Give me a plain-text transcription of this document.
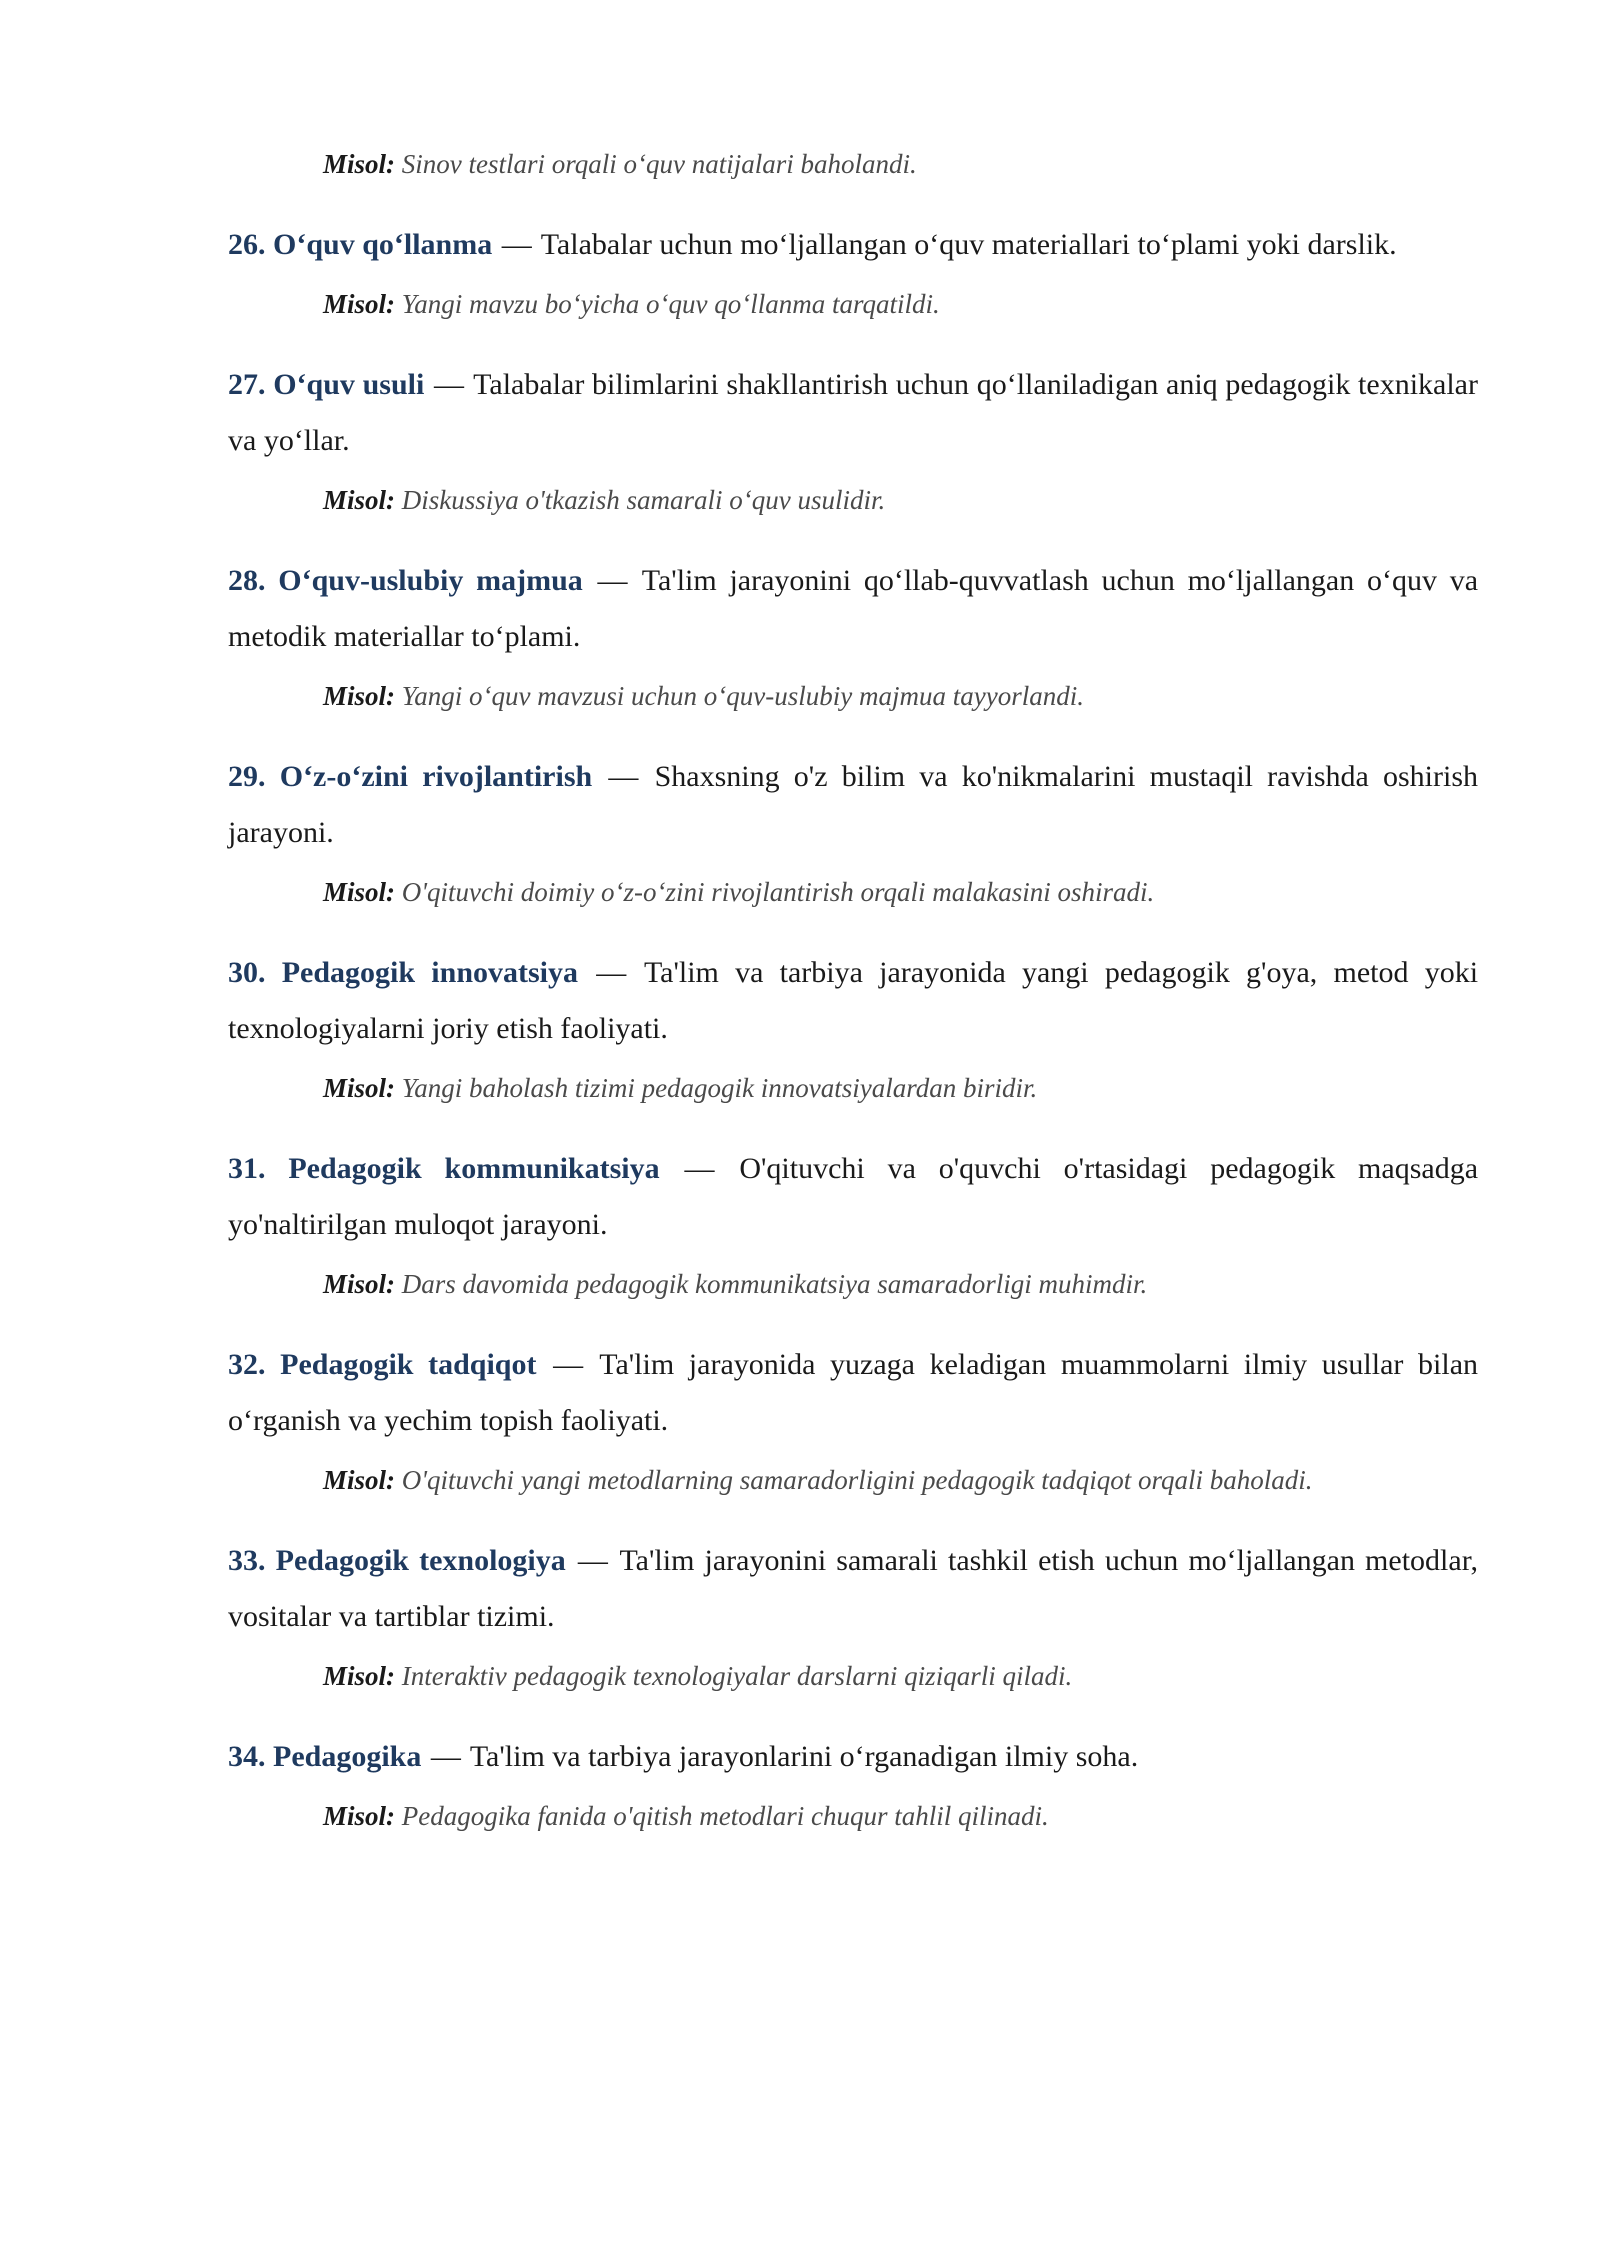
Misol: Sinov testlari orqali o‘quv natijalari baholandi.
26. O‘quv qo‘llanma — Talabalar uchun mo‘ljallangan o‘quv materiallari to‘plami yoki darslik.
Misol: Yangi mavzu bo‘yicha o‘quv qo‘llanma tarqatildi.
27. O‘quv usuli — Talabalar bilimlarini shakllantirish uchun qo‘llaniladigan aniq pedagogik texnikalar va yo‘llar.
Misol: Diskussiya o'tkazish samarali o‘quv usulidir.
28. O‘quv-uslubiy majmua — Ta'lim jarayonini qo‘llab-quvvatlash uchun mo‘ljallangan o‘quv va metodik materiallar to‘plami.
Misol: Yangi o‘quv mavzusi uchun o‘quv-uslubiy majmua tayyorlandi.
29. O‘z-o‘zini rivojlantirish — Shaxsning o'z bilim va ko'nikmalarini mustaqil ravishda oshirish jarayoni.
Misol: O'qituvchi doimiy o‘z-o‘zini rivojlantirish orqali malakasini oshiradi.
30. Pedagogik innovatsiya — Ta'lim va tarbiya jarayonida yangi pedagogik g'oya, metod yoki texnologiyalarni joriy etish faoliyati.
Misol: Yangi baholash tizimi pedagogik innovatsiyalardan biridir.
31. Pedagogik kommunikatsiya — O'qituvchi va o'quvchi o'rtasidagi pedagogik maqsadga yo'naltirilgan muloqot jarayoni.
Misol: Dars davomida pedagogik kommunikatsiya samaradorligi muhimdir.
32. Pedagogik tadqiqot — Ta'lim jarayonida yuzaga keladigan muammolarni ilmiy usullar bilan o‘rganish va yechim topish faoliyati.
Misol: O'qituvchi yangi metodlarning samaradorligini pedagogik tadqiqot orqali baholadi.
33. Pedagogik texnologiya — Ta'lim jarayonini samarali tashkil etish uchun mo‘ljallangan metodlar, vositalar va tartiblar tizimi.
Misol: Interaktiv pedagogik texnologiyalar darslarni qiziqarli qiladi.
34. Pedagogika — Ta'lim va tarbiya jarayonlarini o‘rganadigan ilmiy soha.
Misol: Pedagogika fanida o'qitish metodlari chuqur tahlil qilinadi.
